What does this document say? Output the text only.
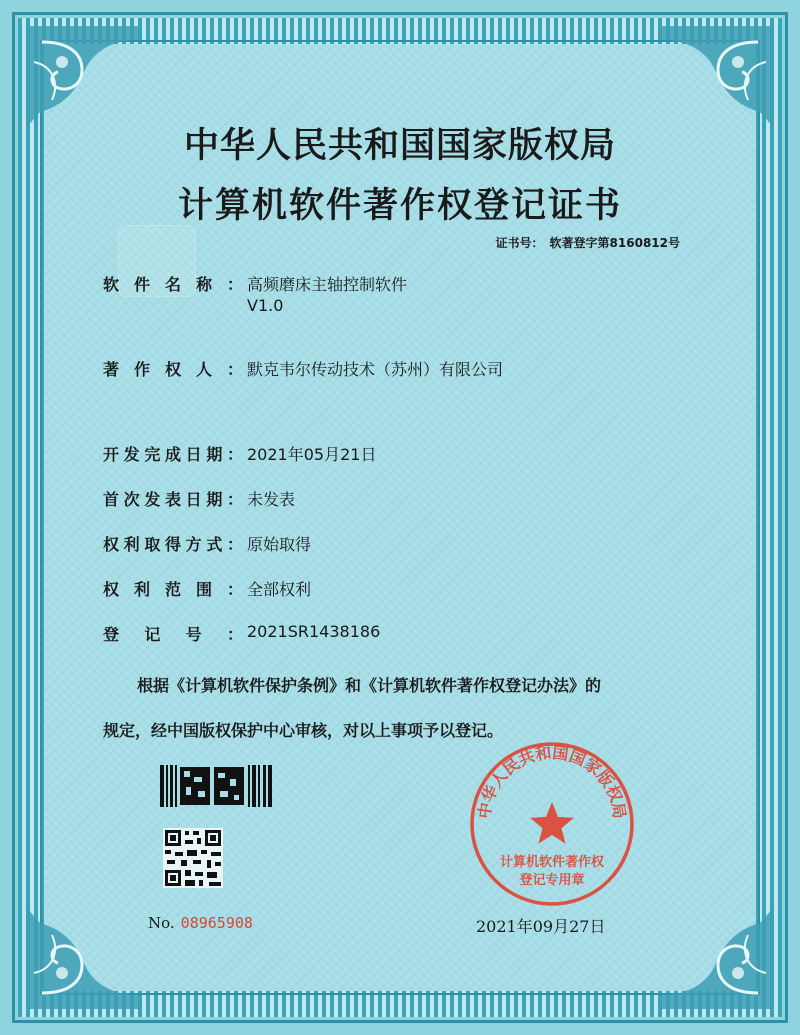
中华人民共和国国家版权局
计算机软件著作权登记证书
证书号： 软著登字第8160812号
软件名称： 高频磨床主轴控制软件
V1.0
著作权人： 默克韦尔传动技术（苏州）有限公司
开发完成日期： 2021年05月21日
首次发表日期： 未发表
权利取得方式： 原始取得
权利范围： 全部权利
登记号： 2021SR1438186
根据《计算机软件保护条例》和《计算机软件著作权登记办法》的
规定，经中国版权保护中心审核，对以上事项予以登记。
No. 08965908
中华人民共和国国家版权局
计算机软件著作权
登记专用章
2021年09月27日
